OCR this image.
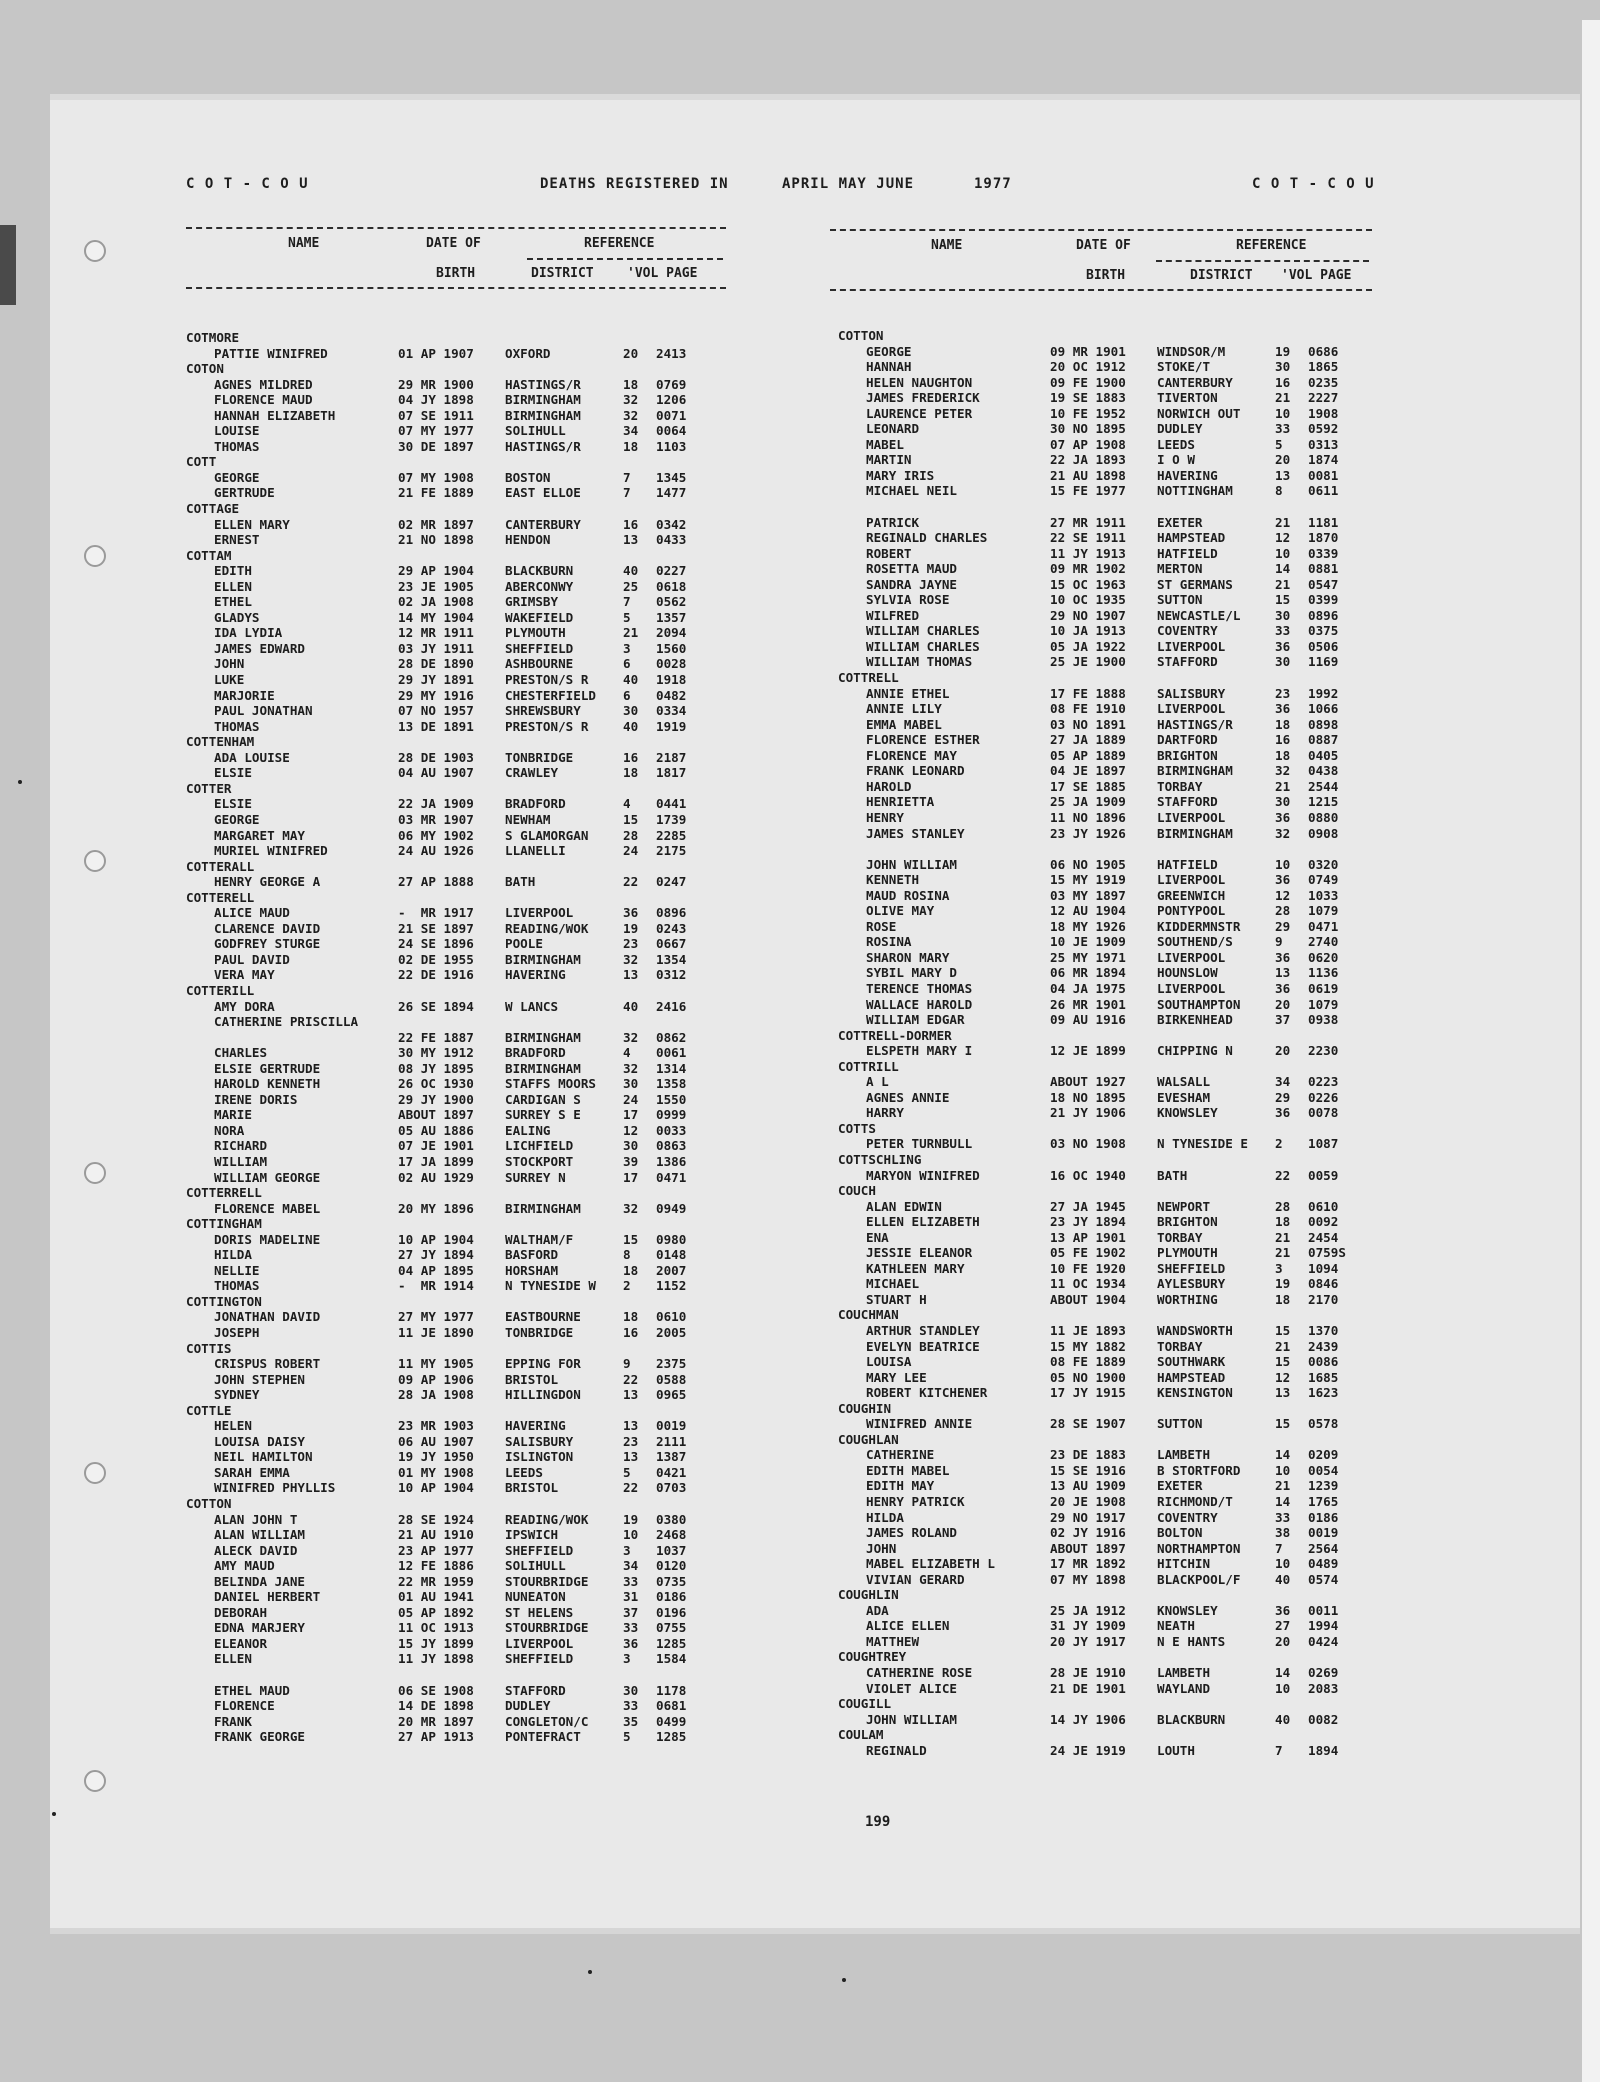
C O T - C O U	DEATHS REGISTERED IN	APRIL MAY JUNE	1977	C O T - C O U
NAME	DATE OF
BIRTH
REFERENCE
DISTRICT	'VOL PAGE
NAME	DATE OF
BIRTH
REFERENCE
DISTRICT 'VOL PAGE
COTMORE
PATTIE WINIFRED	01 AP 1907 OXFORD	20 2413
COTON
AGNES MILDRED	29 MR 1900 HASTINGS/R	18 0769
FLORENCE MAUD	04 JY 1898 BIRMINGHAM	32 1206
HANNAH ELIZABETH	07 SE 1911 BIRMINGHAM	32 0071
LOUISE	07 MY 1977 SOLIHULL	34 0064
THOMAS	30 DE 1897 HASTINGS/R	18 1103
COTT
GEORGE	07 MY 1908 BOSTON	7 1345
GERTRUDE	21 FE 1889 EAST ELLOE	7 1477
COTTAGE
ELLEN MARY	02 MR 1897 CANTERBURY	16 0342
ERNEST	21 NO 1898 HENDON	13 0433
COTTAM
EDITH	29 AP 1904 BLACKBURN	40 0227
ELLEN	23 JE 1905 ABERCONWY	25 0618
ETHEL	02 JA 1908 GRIMSBY	7 0562
GLADYS	14 MY 1904 WAKEFIELD	5 1357
IDA LYDIA	12 MR 1911 PLYMOUTH	21 2094
JAMES EDWARD	03 JY 1911 SHEFFIELD	3 1560
JOHN	28 DE 1890 ASHBOURNE	6 0028
LUKE	29 JY 1891 PRESTON/S R	40 1918
MARJORIE	29 MY 1916 CHESTERFIELD 6 0482
PAUL JONATHAN	07 NO 1957 SHREWSBURY	30 0334
THOMAS	13 DE 1891 PRESTON/S R	40 1919
COTTENHAM
ADA LOUISE	28 DE 1903 TONBRIDGE	16 2187
ELSIE	04 AU 1907 CRAWLEY	18 1817
COTTER
ELSIE	22 JA 1909 BRADFORD	4 0441
GEORGE	03 MR 1907 NEWHAM	15 1739
MARGARET MAY	06 MY 1902 S GLAMORGAN	28 2285
MURIEL WINIFRED	24 AU 1926 LLANELLI	24 2175
COTTERALL
HENRY GEORGE A	27 AP 1888 BATH	22 0247
COTTERELL
ALICE MAUD	-  MR 1917 LIVERPOOL	36 0896
CLARENCE DAVID	21 SE 1897 READING/WOK	19 0243
GODFREY STURGE	24 SE 1896 POOLE	23 0667
PAUL DAVID	02 DE 1955 BIRMINGHAM	32 1354
VERA MAY	22 DE 1916 HAVERING	13 0312
COTTERILL
AMY DORA	26 SE 1894 W LANCS	40 2416
CATHERINE PRISCILLA
22 FE 1887 BIRMINGHAM	32 0862
CHARLES	30 MY 1912 BRADFORD	4 0061
ELSIE GERTRUDE	08 JY 1895 BIRMINGHAM	32 1314
HAROLD KENNETH	26 OC 1930 STAFFS MOORS 30 1358
IRENE DORIS	29 JY 1900 CARDIGAN S	24 1550
MARIE	ABOUT 1897 SURREY S E	17 0999
NORA	05 AU 1886 EALING	12 0033
RICHARD	07 JE 1901 LICHFIELD	30 0863
WILLIAM	17 JA 1899 STOCKPORT	39 1386
WILLIAM GEORGE	02 AU 1929 SURREY N	17 0471
COTTERRELL
FLORENCE MABEL	20 MY 1896 BIRMINGHAM	32 0949
COTTINGHAM
DORIS MADELINE	10 AP 1904 WALTHAM/F	15 0980
HILDA	27 JY 1894 BASFORD	8 0148
NELLIE	04 AP 1895 HORSHAM	18 2007
THOMAS	-  MR 1914 N TYNESIDE W 2 1152
COTTINGTON
JONATHAN DAVID	27 MY 1977 EASTBOURNE	18 0610
JOSEPH	11 JE 1890 TONBRIDGE	16 2005
COTTIS
CRISPUS ROBERT	11 MY 1905 EPPING FOR	9 2375
JOHN STEPHEN	09 AP 1906 BRISTOL	22 0588
SYDNEY	28 JA 1908 HILLINGDON	13 0965
COTTLE
HELEN	23 MR 1903 HAVERING	13 0019
LOUISA DAISY	06 AU 1907 SALISBURY	23 2111
NEIL HAMILTON	19 JY 1950 ISLINGTON	13 1387
SARAH EMMA	01 MY 1908 LEEDS	5 0421
WINIFRED PHYLLIS	10 AP 1904 BRISTOL	22 0703
COTTON
ALAN JOHN T	28 SE 1924 READING/WOK	19 0380
ALAN WILLIAM	21 AU 1910 IPSWICH	10 2468
ALECK DAVID	23 AP 1977 SHEFFIELD	3 1037
AMY MAUD	12 FE 1886 SOLIHULL	34 0120
BELINDA JANE	22 MR 1959 STOURBRIDGE	33 0735
DANIEL HERBERT	01 AU 1941 NUNEATON	31 0186
DEBORAH	05 AP 1892 ST HELENS	37 0196
EDNA MARJERY	11 OC 1913 STOURBRIDGE	33 0755
ELEANOR	15 JY 1899 LIVERPOOL	36 1285
ELLEN	11 JY 1898 SHEFFIELD	3 1584
ETHEL MAUD	06 SE 1908 STAFFORD	30 1178
FLORENCE	14 DE 1898 DUDLEY	33 0681
FRANK	20 MR 1897 CONGLETON/C	35 0499
FRANK GEORGE	27 AP 1913 PONTEFRACT	5 1285
COTTON
GEORGE	09 MR 1901 WINDSOR/M	19 0686
HANNAH	20 OC 1912 STOKE/T	30 1865
HELEN NAUGHTON	09 FE 1900 CANTERBURY	16 0235
JAMES FREDERICK	19 SE 1883 TIVERTON	21 2227
LAURENCE PETER	10 FE 1952 NORWICH OUT	10 1908
LEONARD	30 NO 1895 DUDLEY	33 0592
MABEL	07 AP 1908 LEEDS	5 0313
MARTIN	22 JA 1893 I O W	20 1874
MARY IRIS	21 AU 1898 HAVERING	13 0081
MICHAEL NEIL	15 FE 1977 NOTTINGHAM	8 0611
PATRICK	27 MR 1911 EXETER	21 1181
REGINALD CHARLES	22 SE 1911 HAMPSTEAD	12 1870
ROBERT	11 JY 1913 HATFIELD	10 0339
ROSETTA MAUD	09 MR 1902 MERTON	14 0881
SANDRA JAYNE	15 OC 1963 ST GERMANS	21 0547
SYLVIA ROSE	10 OC 1935 SUTTON	15 0399
WILFRED	29 NO 1907 NEWCASTLE/L	30 0896
WILLIAM CHARLES	10 JA 1913 COVENTRY	33 0375
WILLIAM CHARLES	05 JA 1922 LIVERPOOL	36 0506
WILLIAM THOMAS	25 JE 1900 STAFFORD	30 1169
COTTRELL
ANNIE ETHEL	17 FE 1888 SALISBURY	23 1992
ANNIE LILY	08 FE 1910 LIVERPOOL	36 1066
EMMA MABEL	03 NO 1891 HASTINGS/R	18 0898
FLORENCE ESTHER	27 JA 1889 DARTFORD	16 0887
FLORENCE MAY	05 AP 1889 BRIGHTON	18 0405
FRANK LEONARD	04 JE 1897 BIRMINGHAM	32 0438
HAROLD	17 SE 1885 TORBAY	21 2544
HENRIETTA	25 JA 1909 STAFFORD	30 1215
HENRY	11 NO 1896 LIVERPOOL	36 0880
JAMES STANLEY	23 JY 1926 BIRMINGHAM	32 0908
JOHN WILLIAM	06 NO 1905 HATFIELD	10 0320
KENNETH	15 MY 1919 LIVERPOOL	36 0749
MAUD ROSINA	03 MY 1897 GREENWICH	12 1033
OLIVE MAY	12 AU 1904 PONTYPOOL	28 1079
ROSE	18 MY 1926 KIDDERMNSTR	29 0471
ROSINA	10 JE 1909 SOUTHEND/S	9 2740
SHARON MARY	25 MY 1971 LIVERPOOL	36 0620
SYBIL MARY D	06 MR 1894 HOUNSLOW	13 1136
TERENCE THOMAS	04 JA 1975 LIVERPOOL	36 0619
WALLACE HAROLD	26 MR 1901 SOUTHAMPTON	20 1079
WILLIAM EDGAR	09 AU 1916 BIRKENHEAD	37 0938
COTTRELL-DORMER
ELSPETH MARY I	12 JE 1899 CHIPPING N	20 2230
COTTRILL
A L	ABOUT 1927 WALSALL	34 0223
AGNES ANNIE	18 NO 1895 EVESHAM	29 0226
HARRY	21 JY 1906 KNOWSLEY	36 0078
COTTS
PETER TURNBULL	03 NO 1908 N TYNESIDE E 2 1087
COTTSCHLING
MARYON WINIFRED	16 OC 1940 BATH	22 0059
COUCH
ALAN EDWIN	27 JA 1945 NEWPORT	28 0610
ELLEN ELIZABETH	23 JY 1894 BRIGHTON	18 0092
ENA	13 AP 1901 TORBAY	21 2454
JESSIE ELEANOR	05 FE 1902 PLYMOUTH	21 0759S
KATHLEEN MARY	10 FE 1920 SHEFFIELD	3 1094
MICHAEL	11 OC 1934 AYLESBURY	19 0846
STUART H	ABOUT 1904 WORTHING	18 2170
COUCHMAN
ARTHUR STANDLEY	11 JE 1893 WANDSWORTH	15 1370
EVELYN BEATRICE	15 MY 1882 TORBAY	21 2439
LOUISA	08 FE 1889 SOUTHWARK	15 0086
MARY LEE	05 NO 1900 HAMPSTEAD	12 1685
ROBERT KITCHENER	17 JY 1915 KENSINGTON	13 1623
COUGHIN
WINIFRED ANNIE	28 SE 1907 SUTTON	15 0578
COUGHLAN
CATHERINE	23 DE 1883 LAMBETH	14 0209
EDITH MABEL	15 SE 1916 B STORTFORD	10 0054
EDITH MAY	13 AU 1909 EXETER	21 1239
HENRY PATRICK	20 JE 1908 RICHMOND/T	14 1765
HILDA	29 NO 1917 COVENTRY	33 0186
JAMES ROLAND	02 JY 1916 BOLTON	38 0019
JOHN	ABOUT 1897 NORTHAMPTON	7 2564
MABEL ELIZABETH L	17 MR 1892 HITCHIN	10 0489
VIVIAN GERARD	07 MY 1898 BLACKPOOL/F	40 0574
COUGHLIN
ADA	25 JA 1912 KNOWSLEY	36 0011
ALICE ELLEN	31 JY 1909 NEATH	27 1994
MATTHEW	20 JY 1917 N E HANTS	20 0424
COUGHTREY
CATHERINE ROSE	28 JE 1910 LAMBETH	14 0269
VIOLET ALICE	21 DE 1901 WAYLAND	10 2083
COUGILL
JOHN WILLIAM	14 JY 1906 BLACKBURN	40 0082
COULAM
REGINALD	24 JE 1919 LOUTH	7 1894
199
